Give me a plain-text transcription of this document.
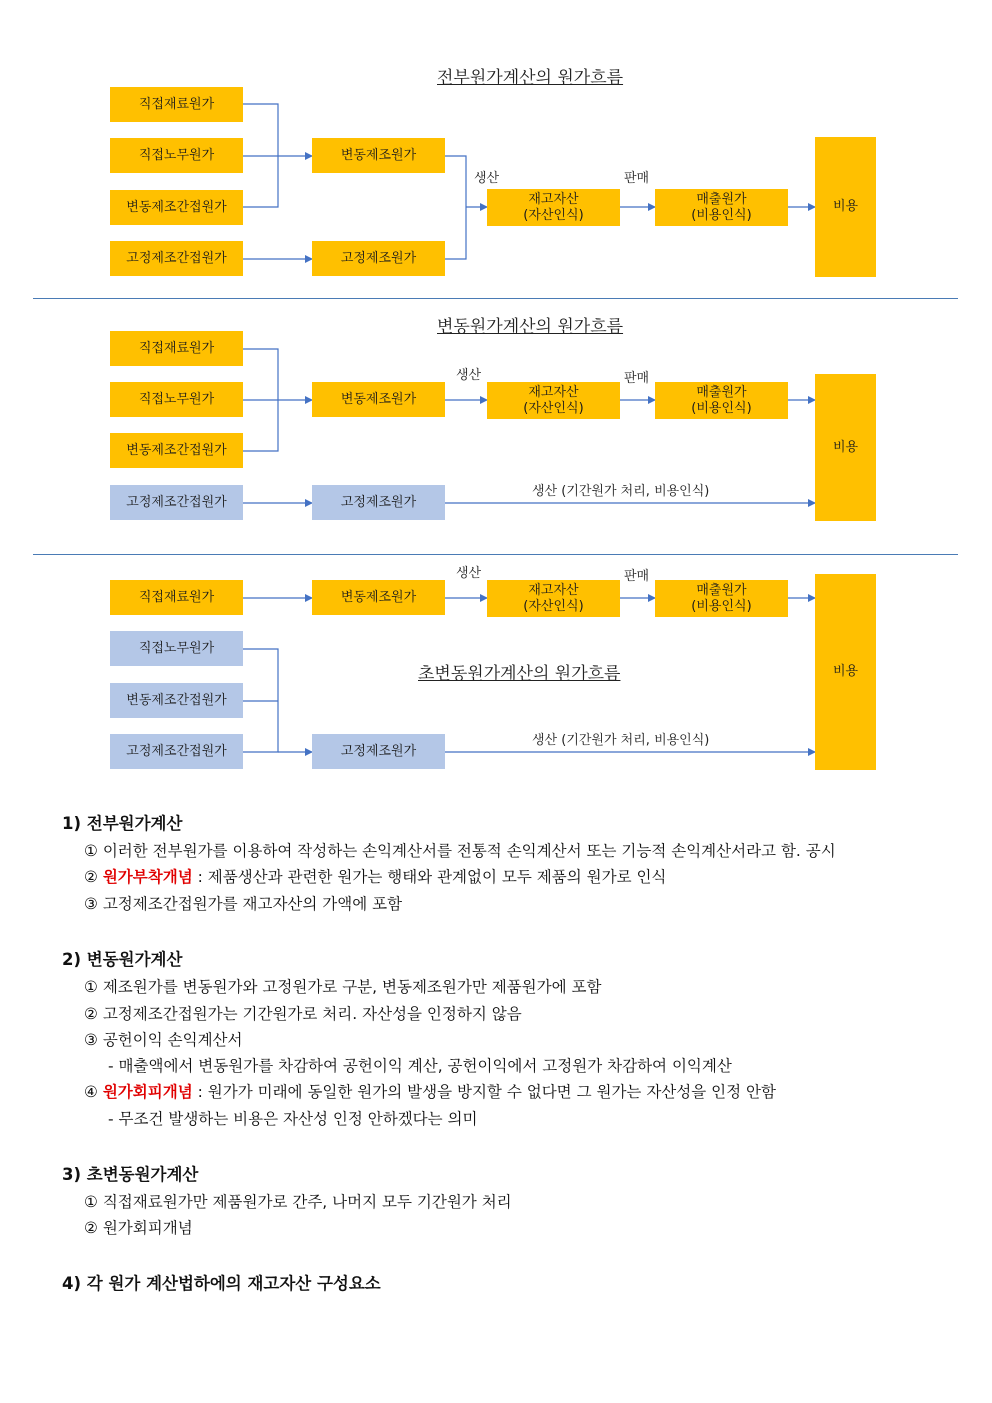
전부원가계산의 원가흐름
직접재료원가
직접노무원가
변동제조간접원가
고정제조간접원가
변동제조원가
고정제조원가
재고자산
(자산인식)
매출원가
(비용인식)
비용
생산	판매
변동원가계산의 원가흐름
직접재료원가
직접노무원가
변동제조간접원가
고정제조간접원가
변동제조원가
고정제조원가
재고자산
(자산인식)
매출원가
(비용인식)
비용
생산	판매
생산 (기간원가 처리, 비용인식)
직접재료원가
직접노무원가
변동제조간접원가
고정제조간접원가
변동제조원가
고정제조원가
재고자산
(자산인식)
매출원가
(비용인식)
비용
생산	판매
초변동원가계산의 원가흐름
생산 (기간원가 처리, 비용인식)
1) 전부원가계산
① 이러한 전부원가를 이용하여 작성하는 손익계산서를 전통적 손익계산서 또는 기능적 손익계산서라고 함. 공시
② 원가부착개념 : 제품생산과 관련한 원가는 행태와 관계없이 모두 제품의 원가로 인식
③ 고정제조간접원가를 재고자산의 가액에 포함
2) 변동원가계산
① 제조원가를 변동원가와 고정원가로 구분, 변동제조원가만 제품원가에 포함
② 고정제조간접원가는 기간원가로 처리. 자산성을 인정하지 않음
③ 공헌이익 손익계산서
- 매출액에서 변동원가를 차감하여 공헌이익 계산, 공헌이익에서 고정원가 차감하여 이익계산
④ 원가회피개념 : 원가가 미래에 동일한 원가의 발생을 방지할 수 없다면 그 원가는 자산성을 인정 안함
- 무조건 발생하는 비용은 자산성 인정 안하겠다는 의미
3) 초변동원가계산
① 직접재료원가만 제품원가로 간주, 나머지 모두 기간원가 처리
② 원가회피개념
4) 각 원가 계산법하에의 재고자산 구성요소
